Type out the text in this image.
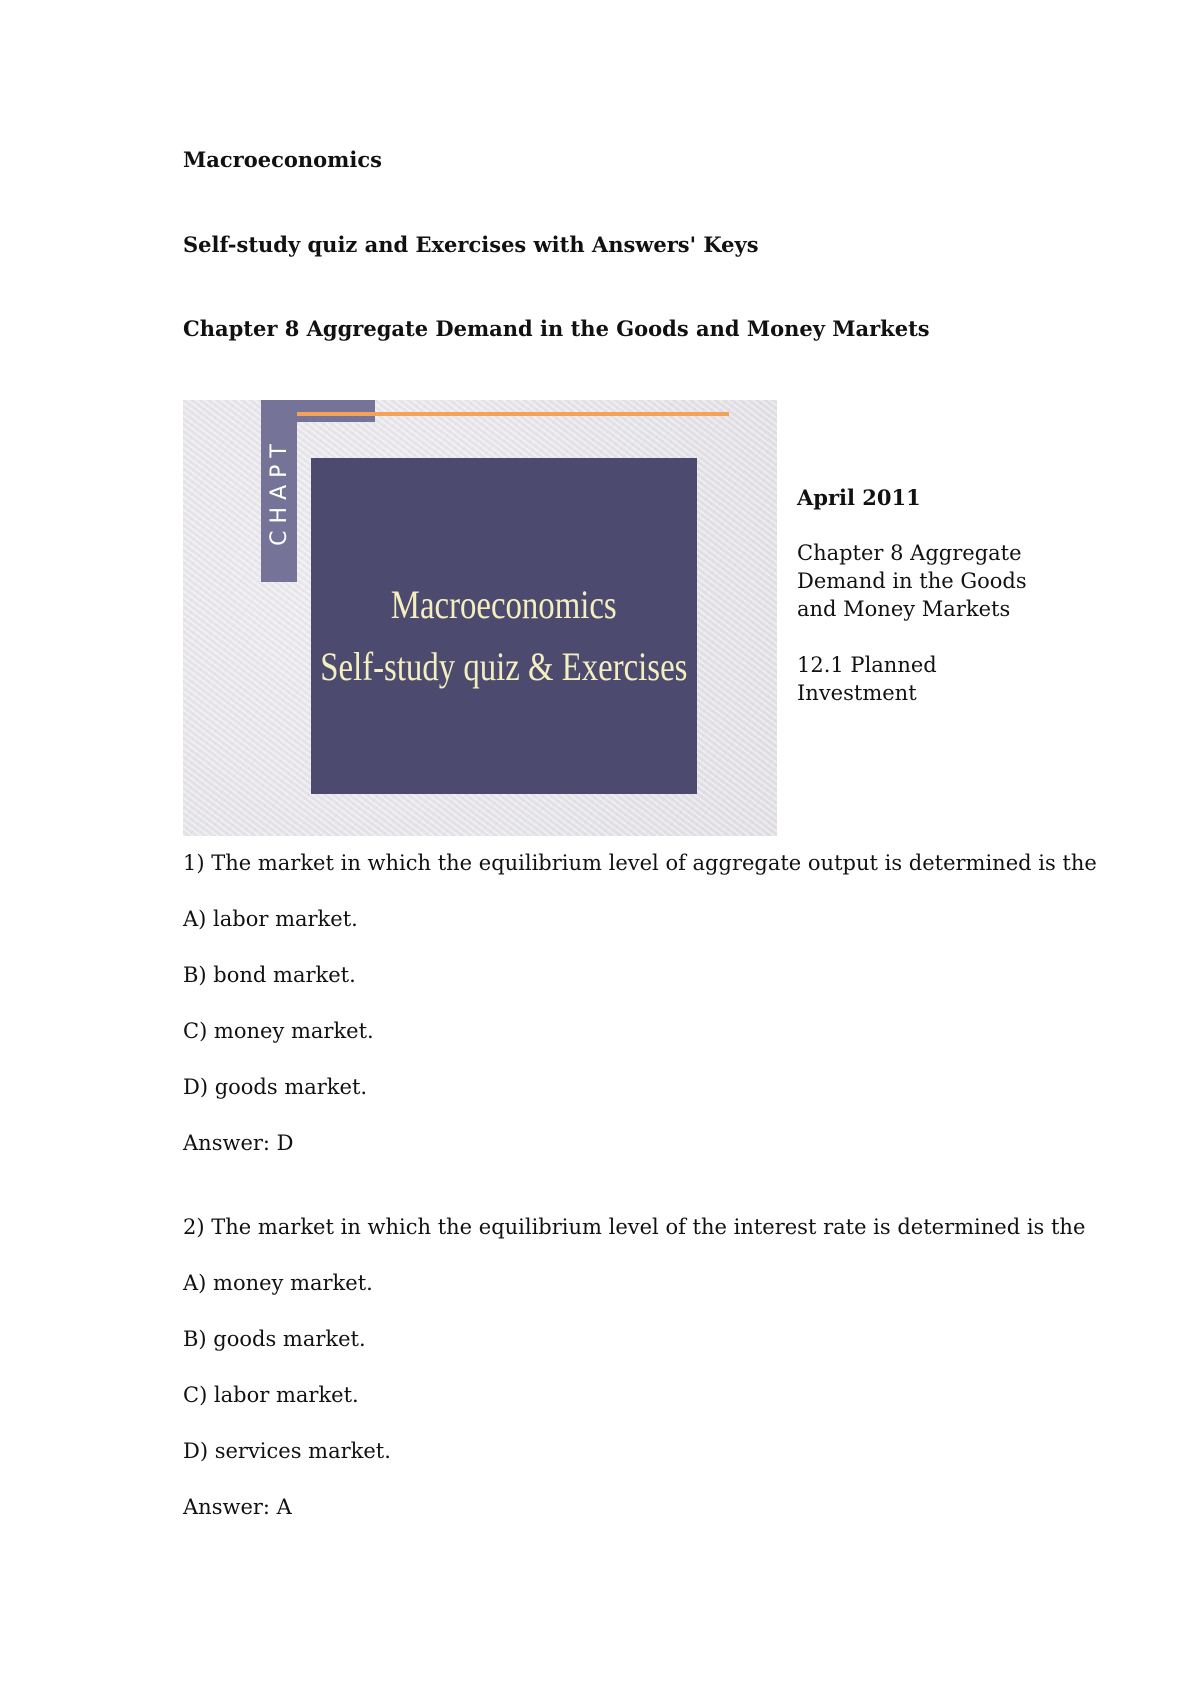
Macroeconomics

Self-study quiz and Exercises with Answers' Keys

Chapter 8 Aggregate Demand in the Goods and Money Markets

CHAPT
Macroeconomics
Self-study quiz & Exercises

April 2011

Chapter 8 Aggregate

Demand in the Goods

and Money Markets

12.1 Planned

Investment

1) The market in which the equilibrium level of aggregate output is determined is the

A) labor market.

B) bond market.

C) money market.

D) goods market.

Answer: D

2) The market in which the equilibrium level of the interest rate is determined is the

A) money market.

B) goods market.

C) labor market.

D) services market.

Answer: A
